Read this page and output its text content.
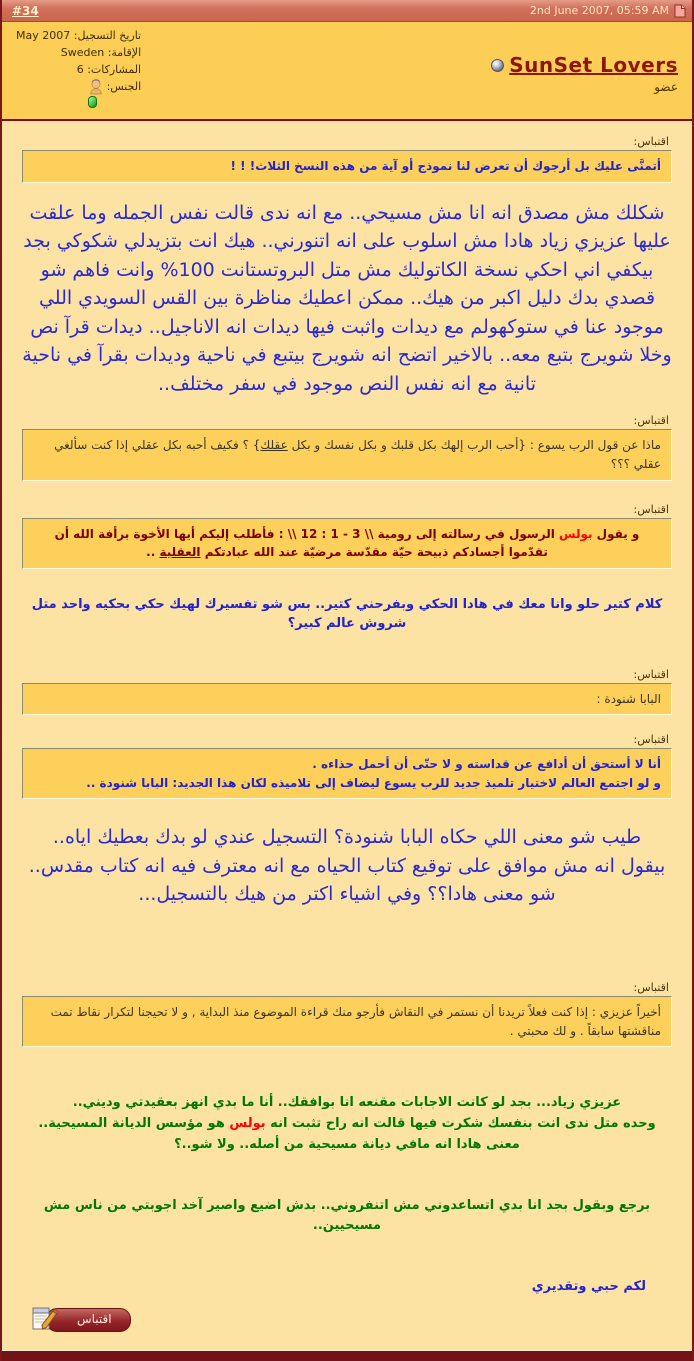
#34	2nd June 2007, 05:59 AM
SunSet Lovers
عضو
تاريخ التسجيل: May 2007
الإقامة: Sweden
المشاركات: 6
الجنس:
اقتباس:
أتمنَّى عليك بل أرجوك أن تعرض لنا نموذج أو آية من هذه النسخ الثلاث! ! !
شكلك مش مصدق انه انا مش مسيحي.. مع انه ندى قالت نفس الجمله وما علقت عليها عزيزي زياد هادا مش اسلوب على انه اتنورني.. هيك انت بتزيدلي شكوكي بجد بيكفي اني احكي نسخة الكاتوليك مش متل البروتستانت 100% وانت فاهم شو قصدي بدك دليل اكبر من هيك.. ممكن اعطيك مناظرة بين القس السويدي اللي موجود عنا في ستوكهولم مع ديدات واثبت فيها ديدات انه الاناجيل.. ديدات قرآ نص وخلا شويرج بتبع معه.. بالاخير اتضح انه شويرج بيتبع في ناحية وديدات بقرآ في ناحية تانية مع انه نفس النص موجود في سفر مختلف..
اقتباس:
ماذا عن قول الرب يسوع : {أحب الرب إلهك بكل قلبك و بكل نفسك و بكل عقلك} ؟ فكيف أحبه بكل عقلي إذا كنت سألغي عقلي ؟؟؟
اقتباس:
و يقول بولس الرسول في رسالته إلى رومية \\ 12 : 1 - 3 \\ : فأطلب إليكم أيها الأخوة برأفة الله أن تقدّموا أجسادكم ذبيحة حيّة مقدّسة مرضيّة عند الله عبادتكم العقلية ..
كلام كتير حلو وانا معك في هادا الحكي وبفرحني كتير.. بس شو تفسيرك لهيك حكي بحكيه واحد متل شروش عالم كبير؟
اقتباس:
البابا شنودة :
اقتباس:
أنا لا أستحق أن أدافع عن قداسته و لا حتّى أن أحمل حذاءه .
و لو اجتمع العالم لاختيار تلميذ جديد للرب يسوع ليضاف إلى تلاميذه لكان هذا الجديد: البابا شنودة ..
طيب شو معنى اللي حكاه البابا شنودة؟ التسجيل عندي لو بدك بعطيك اياه..
بيقول انه مش موافق على توقيع كتاب الحياه مع انه معترف فيه انه كتاب مقدس.. شو معنى هادا؟؟ وفي اشياء اكتر من هيك بالتسجيل...
اقتباس:
أخيراً عزيزي : إذا كنت فعلاً تريدنا أن نستمر في النقاش فأرجو منك قراءة الموضوع منذ البداية , و لا تحيجنا لتكرار نقاط تمت مناقشتها سابقاً . و لك محبتي .
عزيزي زياد... بجد لو كانت الاجابات مقنعه انا بوافقك.. أنا ما بدي انهز بعقيدتي وديني..
وحده متل ندى انت بنفسك شكرت فيها قالت انه راح تثبت انه بولس هو مؤسس الديانة المسيحية.. معنى هادا انه مافي ديانة مسيحية من أصله.. ولا شو..؟
برجع وبقول بجد انا بدي اتساعدوني مش اتنفروني.. بدش اضيع واصير آخد اجوبتي من ناس مش مسيحيين..
لكم حبي وتقديري
اقتباس
